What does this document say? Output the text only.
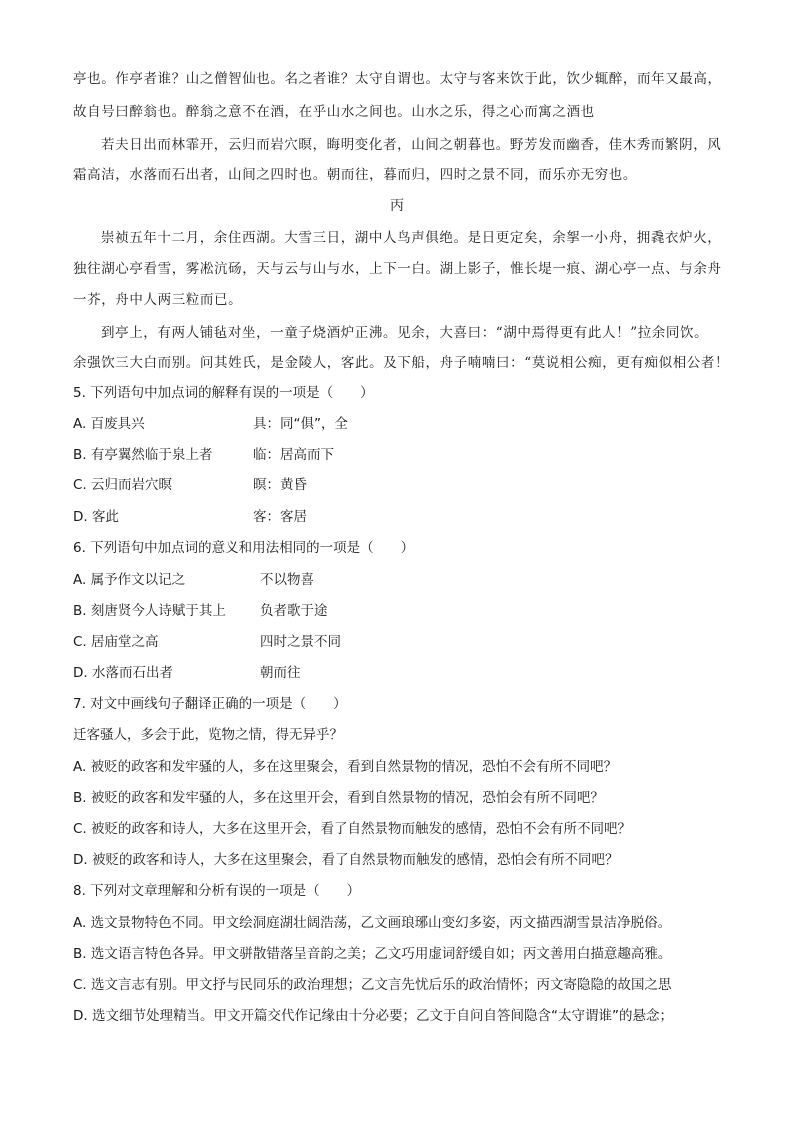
亭也。作亭者谁？山之僧智仙也。名之者谁？太守自谓也。太守与客来饮于此，饮少辄醉，而年又最高，
故自号曰醉翁也。醉翁之意不在酒，在乎山水之间也。山水之乐，得之心而寓之酒也
若夫日出而林霏开，云归而岩穴暝，晦明变化者，山间之朝暮也。野芳发而幽香，佳木秀而繁阴，风
霜高洁，水落而石出者，山间之四时也。朝而往，暮而归，四时之景不同，而乐亦无穷也。
丙
崇祯五年十二月，余住西湖。大雪三日，湖中人鸟声俱绝。是日更定矣，余挐一小舟，拥毳衣炉火，
独往湖心亭看雪，雾凇沆砀，天与云与山与水，上下一白。湖上影子，惟长堤一痕、湖心亭一点、与余舟
一芥，舟中人两三粒而已。
到亭上，有两人铺毡对坐，一童子烧酒炉正沸。见余，大喜曰：“湖中焉得更有此人！”拉余同饮。
余强饮三大白而别。问其姓氏，是金陵人，客此。及下船，舟子喃喃曰：“莫说相公痴，更有痴似相公者！
5. 下列语句中加点词的解释有误的一项是（　　）
A. 百废具兴	具：同“俱”，全
B. 有亭翼然临于泉上者	临：居高而下
C. 云归而岩穴暝	暝：黄昏
D. 客此	客：客居
6. 下列语句中加点词的意义和用法相同的一项是（　　）
A. 属予作文以记之	不以物喜
B. 刻唐贤今人诗赋于其上	负者歌于途
C. 居庙堂之高	四时之景不同
D. 水落而石出者	朝而往
7. 对文中画线句子翻译正确的一项是（　　）
迁客骚人，多会于此，览物之情，得无异乎？
A. 被贬的政客和发牢骚的人，多在这里聚会，看到自然景物的情况，恐怕不会有所不同吧？
B. 被贬的政客和发牢骚的人，多在这里开会，看到自然景物的情况，恐怕会有所不同吧？
C. 被贬的政客和诗人，大多在这里开会，看了自然景物而触发的感情，恐怕不会有所不同吧？
D. 被贬的政客和诗人，大多在这里聚会，看了自然景物而触发的感情，恐怕会有所不同吧？
8. 下列对文章理解和分析有误的一项是（　　）
A. 选文景物特色不同。甲文绘洞庭湖壮阔浩荡，乙文画琅琊山变幻多姿，丙文描西湖雪景洁净脱俗。
B. 选文语言特色各异。甲文骈散错落呈音韵之美；乙文巧用虚词舒缓自如；丙文善用白描意趣高雅。
C. 选文言志有别。甲文抒与民同乐的政治理想；乙文言先忧后乐的政治情怀；丙文寄隐隐的故国之思
D. 选文细节处理精当。甲文开篇交代作记缘由十分必要；乙文于自问自答间隐含“太守谓谁”的悬念；
